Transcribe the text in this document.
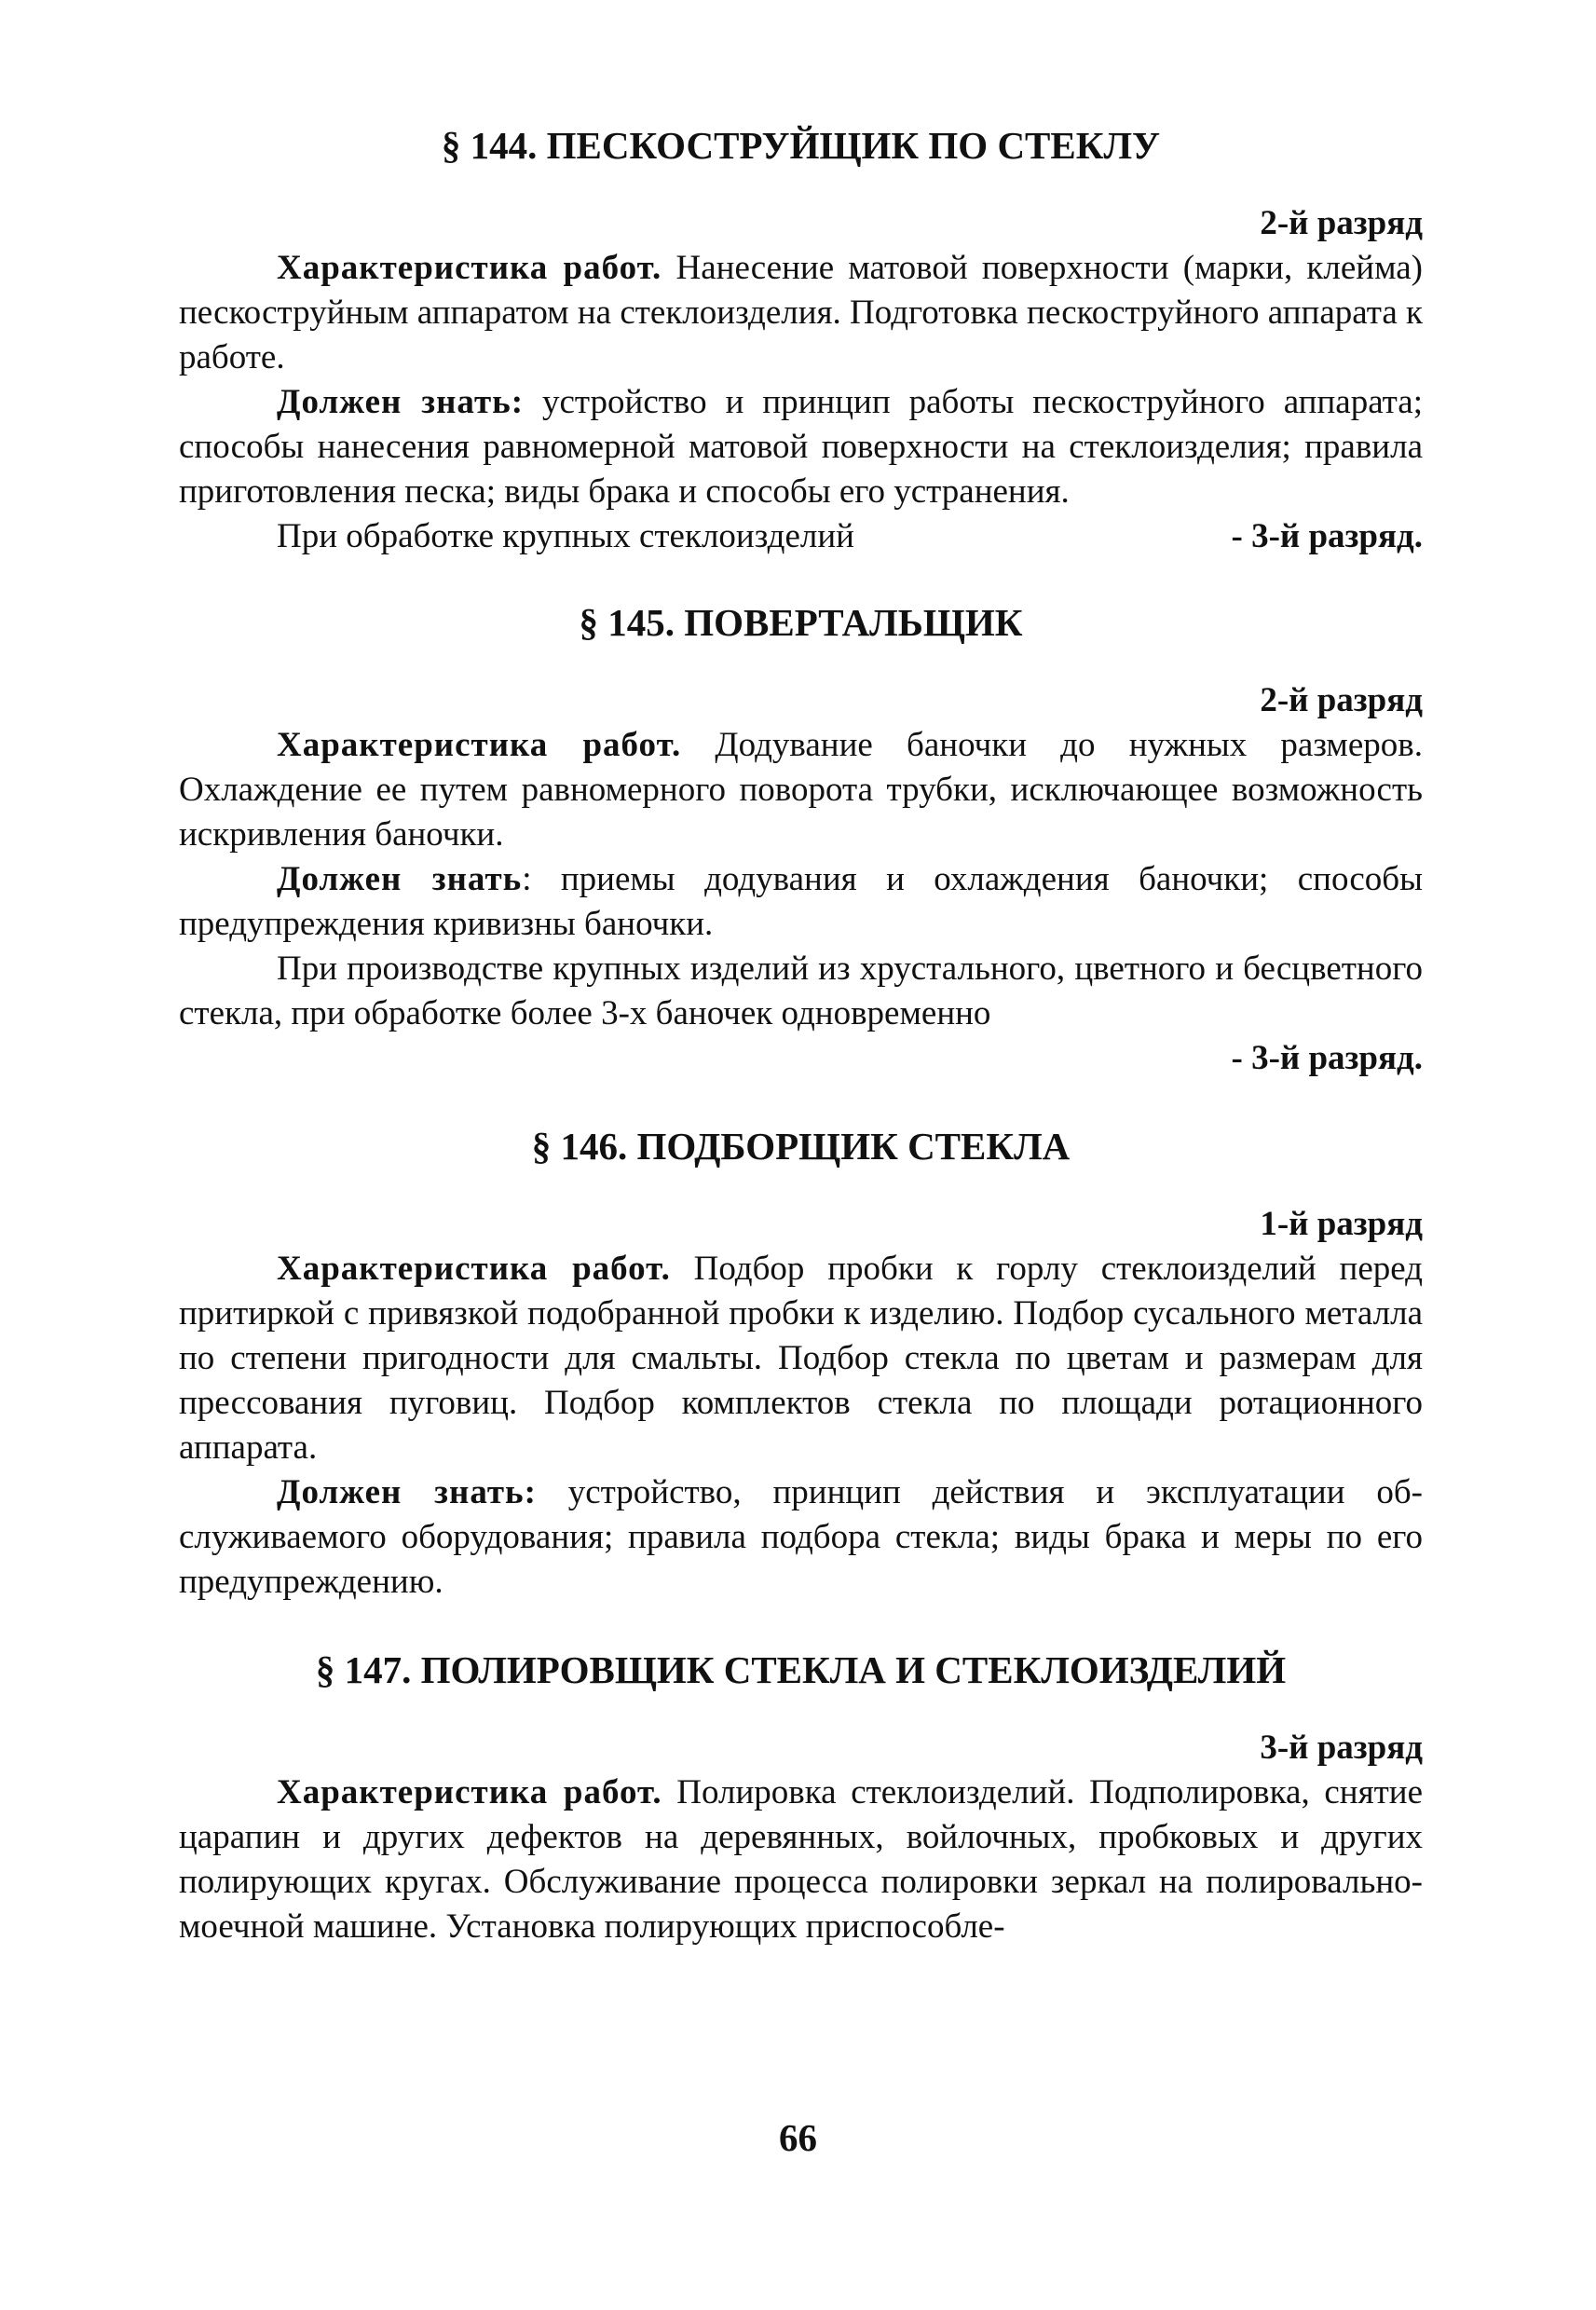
§ 144. ПЕСКОСТРУЙЩИК ПО СТЕКЛУ

2-й разряд

Характеристика работ. Нанесение матовой поверхности (марки, клейма) пескоструйным аппаратом на стеклоизделия. Подготовка пескоструйного аппарата к работе.

Должен знать: устройство и принцип работы пескоструйного аппарата; способы нанесения равномерной матовой поверхности на стеклоизделия; правила приготовления песка; виды брака и способы его устранения.

При обработке крупных стеклоизделий	- 3-й разряд.

§ 145. ПОВЕРТАЛЬЩИК

2-й разряд

Характеристика работ. Додувание баночки до нужных размеров. Охлаждение ее путем равномерного поворота трубки, исключающее возможность искривления баночки.

Должен знать: приемы додувания и охлаждения баночки; способы предупреждения кривизны баночки.

При производстве крупных изделий из хрустального, цветного и бесцветного стекла, при обработке более 3-х баночек одновременно

- 3-й разряд.

§ 146. ПОДБОРЩИК СТЕКЛА

1-й разряд

Характеристика работ. Подбор пробки к горлу стеклоизделий перед притиркой с привязкой подобранной пробки к изделию. Подбор сусального металла по степени пригодности для смальты. Подбор стекла по цветам и размерам для прессования пуговиц. Подбор комплектов стекла по площади ротационного аппарата.

Должен знать: устройство, принцип действия и эксплуатации обслуживаемого оборудования; правила подбора стекла; виды брака и меры по его предупреждению.

§ 147. ПОЛИРОВЩИК СТЕКЛА И СТЕКЛОИЗДЕЛИЙ

3-й разряд

Характеристика работ. Полировка стеклоизделий. Подполировка, снятие царапин и других дефектов на деревянных, войлочных, пробковых и других полирующих кругах. Обслуживание процесса полировки зеркал на полировально-моечной машине. Установка полирующих приспособле-

66
